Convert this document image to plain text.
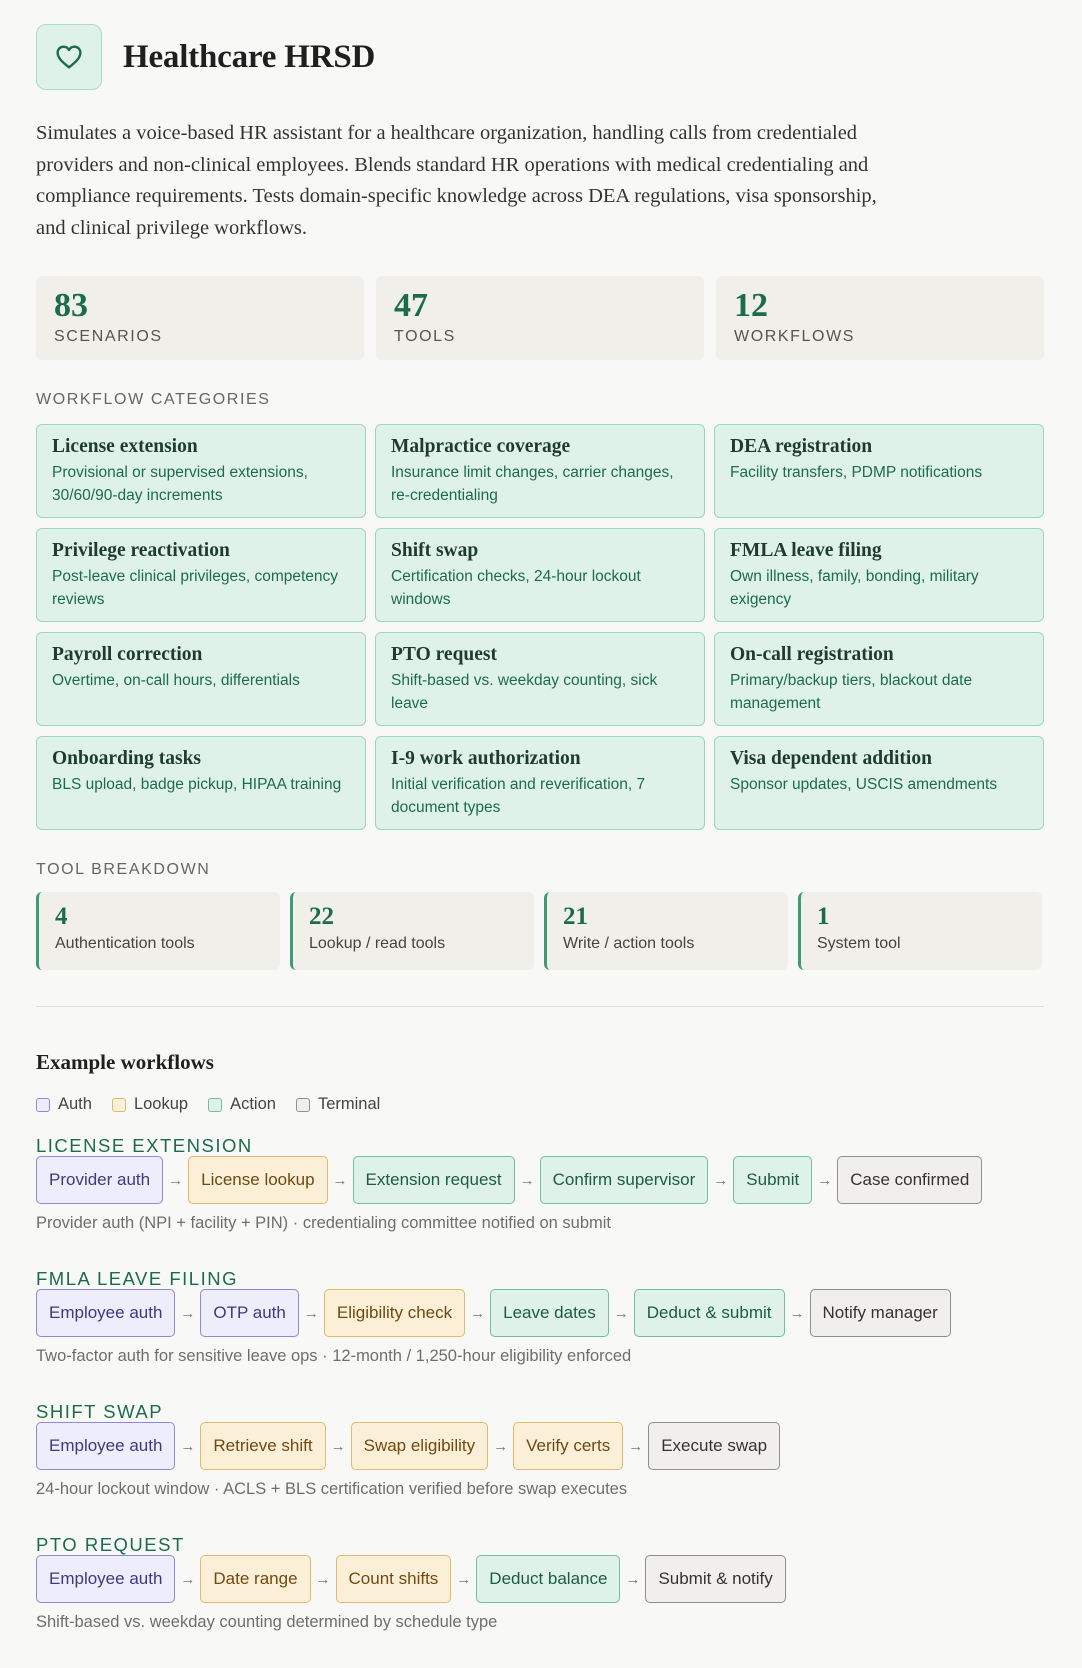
Healthcare HRSD

Simulates a voice-based HR assistant for a healthcare organization, handling calls from credentialed providers and non-clinical employees. Blends standard HR operations with medical credentialing and compliance requirements. Tests domain-specific knowledge across DEA regulations, visa sponsorship, and clinical privilege workflows.

83
SCENARIOS
47
TOOLS
12
WORKFLOWS
WORKFLOW CATEGORIES
License extension
Provisional or supervised extensions, 30/60/90-day increments
Malpractice coverage
Insurance limit changes, carrier changes, re-credentialing
DEA registration
Facility transfers, PDMP notifications
Privilege reactivation
Post-leave clinical privileges, competency reviews
Shift swap
Certification checks, 24-hour lockout windows
FMLA leave filing
Own illness, family, bonding, military exigency
Payroll correction
Overtime, on-call hours, differentials
PTO request
Shift-based vs. weekday counting, sick leave
On-call registration
Primary/backup tiers, blackout date management
Onboarding tasks
BLS upload, badge pickup, HIPAA training
I-9 work authorization
Initial verification and reverification, 7 document types
Visa dependent addition
Sponsor updates, USCIS amendments
TOOL BREAKDOWN
4
Authentication tools
22
Lookup / read tools
21
Write / action tools
1
System tool
Example workflows
Auth	Lookup	Action	Terminal
LICENSE EXTENSION
Provider auth	→	License lookup	→	Extension request	→	Confirm supervisor	→	Submit	→	Case confirmed
Provider auth (NPI + facility + PIN) · credentialing committee notified on submit
FMLA LEAVE FILING
Employee auth	→	OTP auth	→	Eligibility check	→	Leave dates	→	Deduct & submit	→	Notify manager
Two-factor auth for sensitive leave ops · 12-month / 1,250-hour eligibility enforced
SHIFT SWAP
Employee auth	→	Retrieve shift	→	Swap eligibility	→	Verify certs	→	Execute swap
24-hour lockout window · ACLS + BLS certification verified before swap executes
PTO REQUEST
Employee auth	→	Date range	→	Count shifts	→	Deduct balance	→	Submit & notify
Shift-based vs. weekday counting determined by schedule type
